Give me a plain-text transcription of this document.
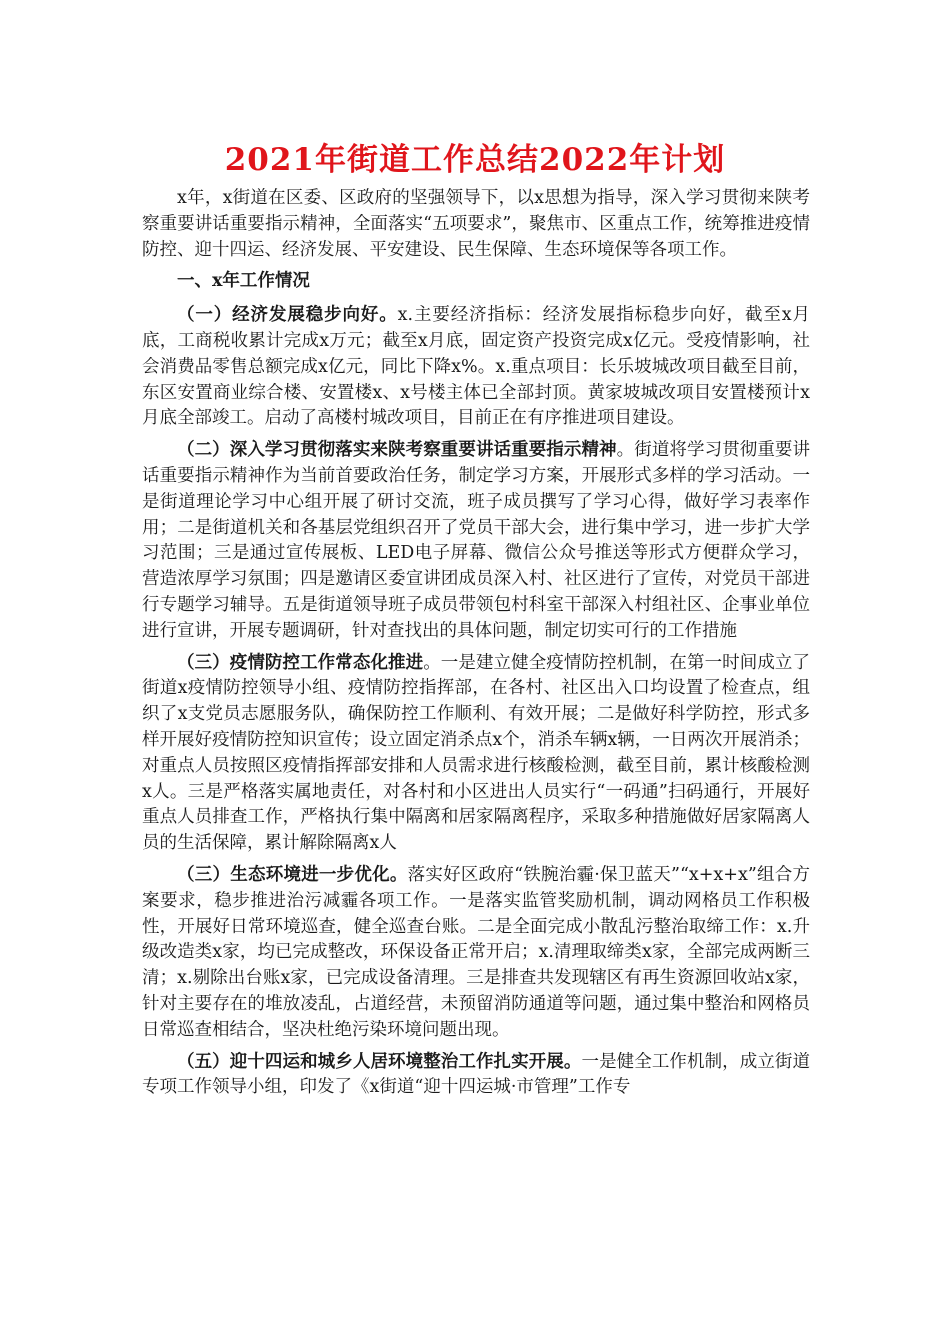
2021年街道工作总结2022年计划

x年，x街道在区委、区政府的坚强领导下，以x思想为指导，深入学习贯彻来陕考察重要讲话重要指示精神，全面落实“五项要求”，聚焦市、区重点工作，统筹推进疫情防控、迎十四运、经济发展、平安建设、民生保障、生态环境保等各项工作。

一、x年工作情况

（一）经济发展稳步向好。x.主要经济指标：经济发展指标稳步向好，截至x月底，工商税收累计完成x万元；截至x月底，固定资产投资完成x亿元。受疫情影响，社会消费品零售总额完成x亿元，同比下降x%。x.重点项目：长乐坡城改项目截至目前，东区安置商业综合楼、安置楼x、x号楼主体已全部封顶。黄家坡城改项目安置楼预计x月底全部竣工。启动了高楼村城改项目，目前正在有序推进项目建设。

（二）深入学习贯彻落实来陕考察重要讲话重要指示精神。街道将学习贯彻重要讲话重要指示精神作为当前首要政治任务，制定学习方案，开展形式多样的学习活动。一是街道理论学习中心组开展了研讨交流，班子成员撰写了学习心得，做好学习表率作用；二是街道机关和各基层党组织召开了党员干部大会，进行集中学习，进一步扩大学习范围；三是通过宣传展板、LED电子屏幕、微信公众号推送等形式方便群众学习，营造浓厚学习氛围；四是邀请区委宣讲团成员深入村、社区进行了宣传，对党员干部进行专题学习辅导。五是街道领导班子成员带领包村科室干部深入村组社区、企事业单位进行宣讲，开展专题调研，针对查找出的具体问题，制定切实可行的工作措施

（三）疫情防控工作常态化推进。一是建立健全疫情防控机制，在第一时间成立了街道x疫情防控领导小组、疫情防控指挥部，在各村、社区出入口均设置了检查点，组织了x支党员志愿服务队，确保防控工作顺利、有效开展；二是做好科学防控，形式多样开展好疫情防控知识宣传；设立固定消杀点x个，消杀车辆x辆，一日两次开展消杀；对重点人员按照区疫情指挥部安排和人员需求进行核酸检测，截至目前，累计核酸检测x人。三是严格落实属地责任，对各村和小区进出人员实行“一码通”扫码通行，开展好重点人员排查工作，严格执行集中隔离和居家隔离程序，采取多种措施做好居家隔离人员的生活保障，累计解除隔离x人

（三）生态环境进一步优化。落实好区政府“铁腕治霾·保卫蓝天”“x+x+x”组合方案要求，稳步推进治污减霾各项工作。一是落实监管奖励机制，调动网格员工作积极性，开展好日常环境巡查，健全巡查台账。二是全面完成小散乱污整治取缔工作：x.升级改造类x家，均已完成整改，环保设备正常开启；x.清理取缔类x家，全部完成两断三清；x.剔除出台账x家，已完成设备清理。三是排查共发现辖区有再生资源回收站x家，针对主要存在的堆放凌乱，占道经营，未预留消防通道等问题，通过集中整治和网格员日常巡查相结合，坚决杜绝污染环境问题出现。

（五）迎十四运和城乡人居环境整治工作扎实开展。一是健全工作机制，成立街道专项工作领导小组，印发了《x街道“迎十四运城·市管理”工作专
